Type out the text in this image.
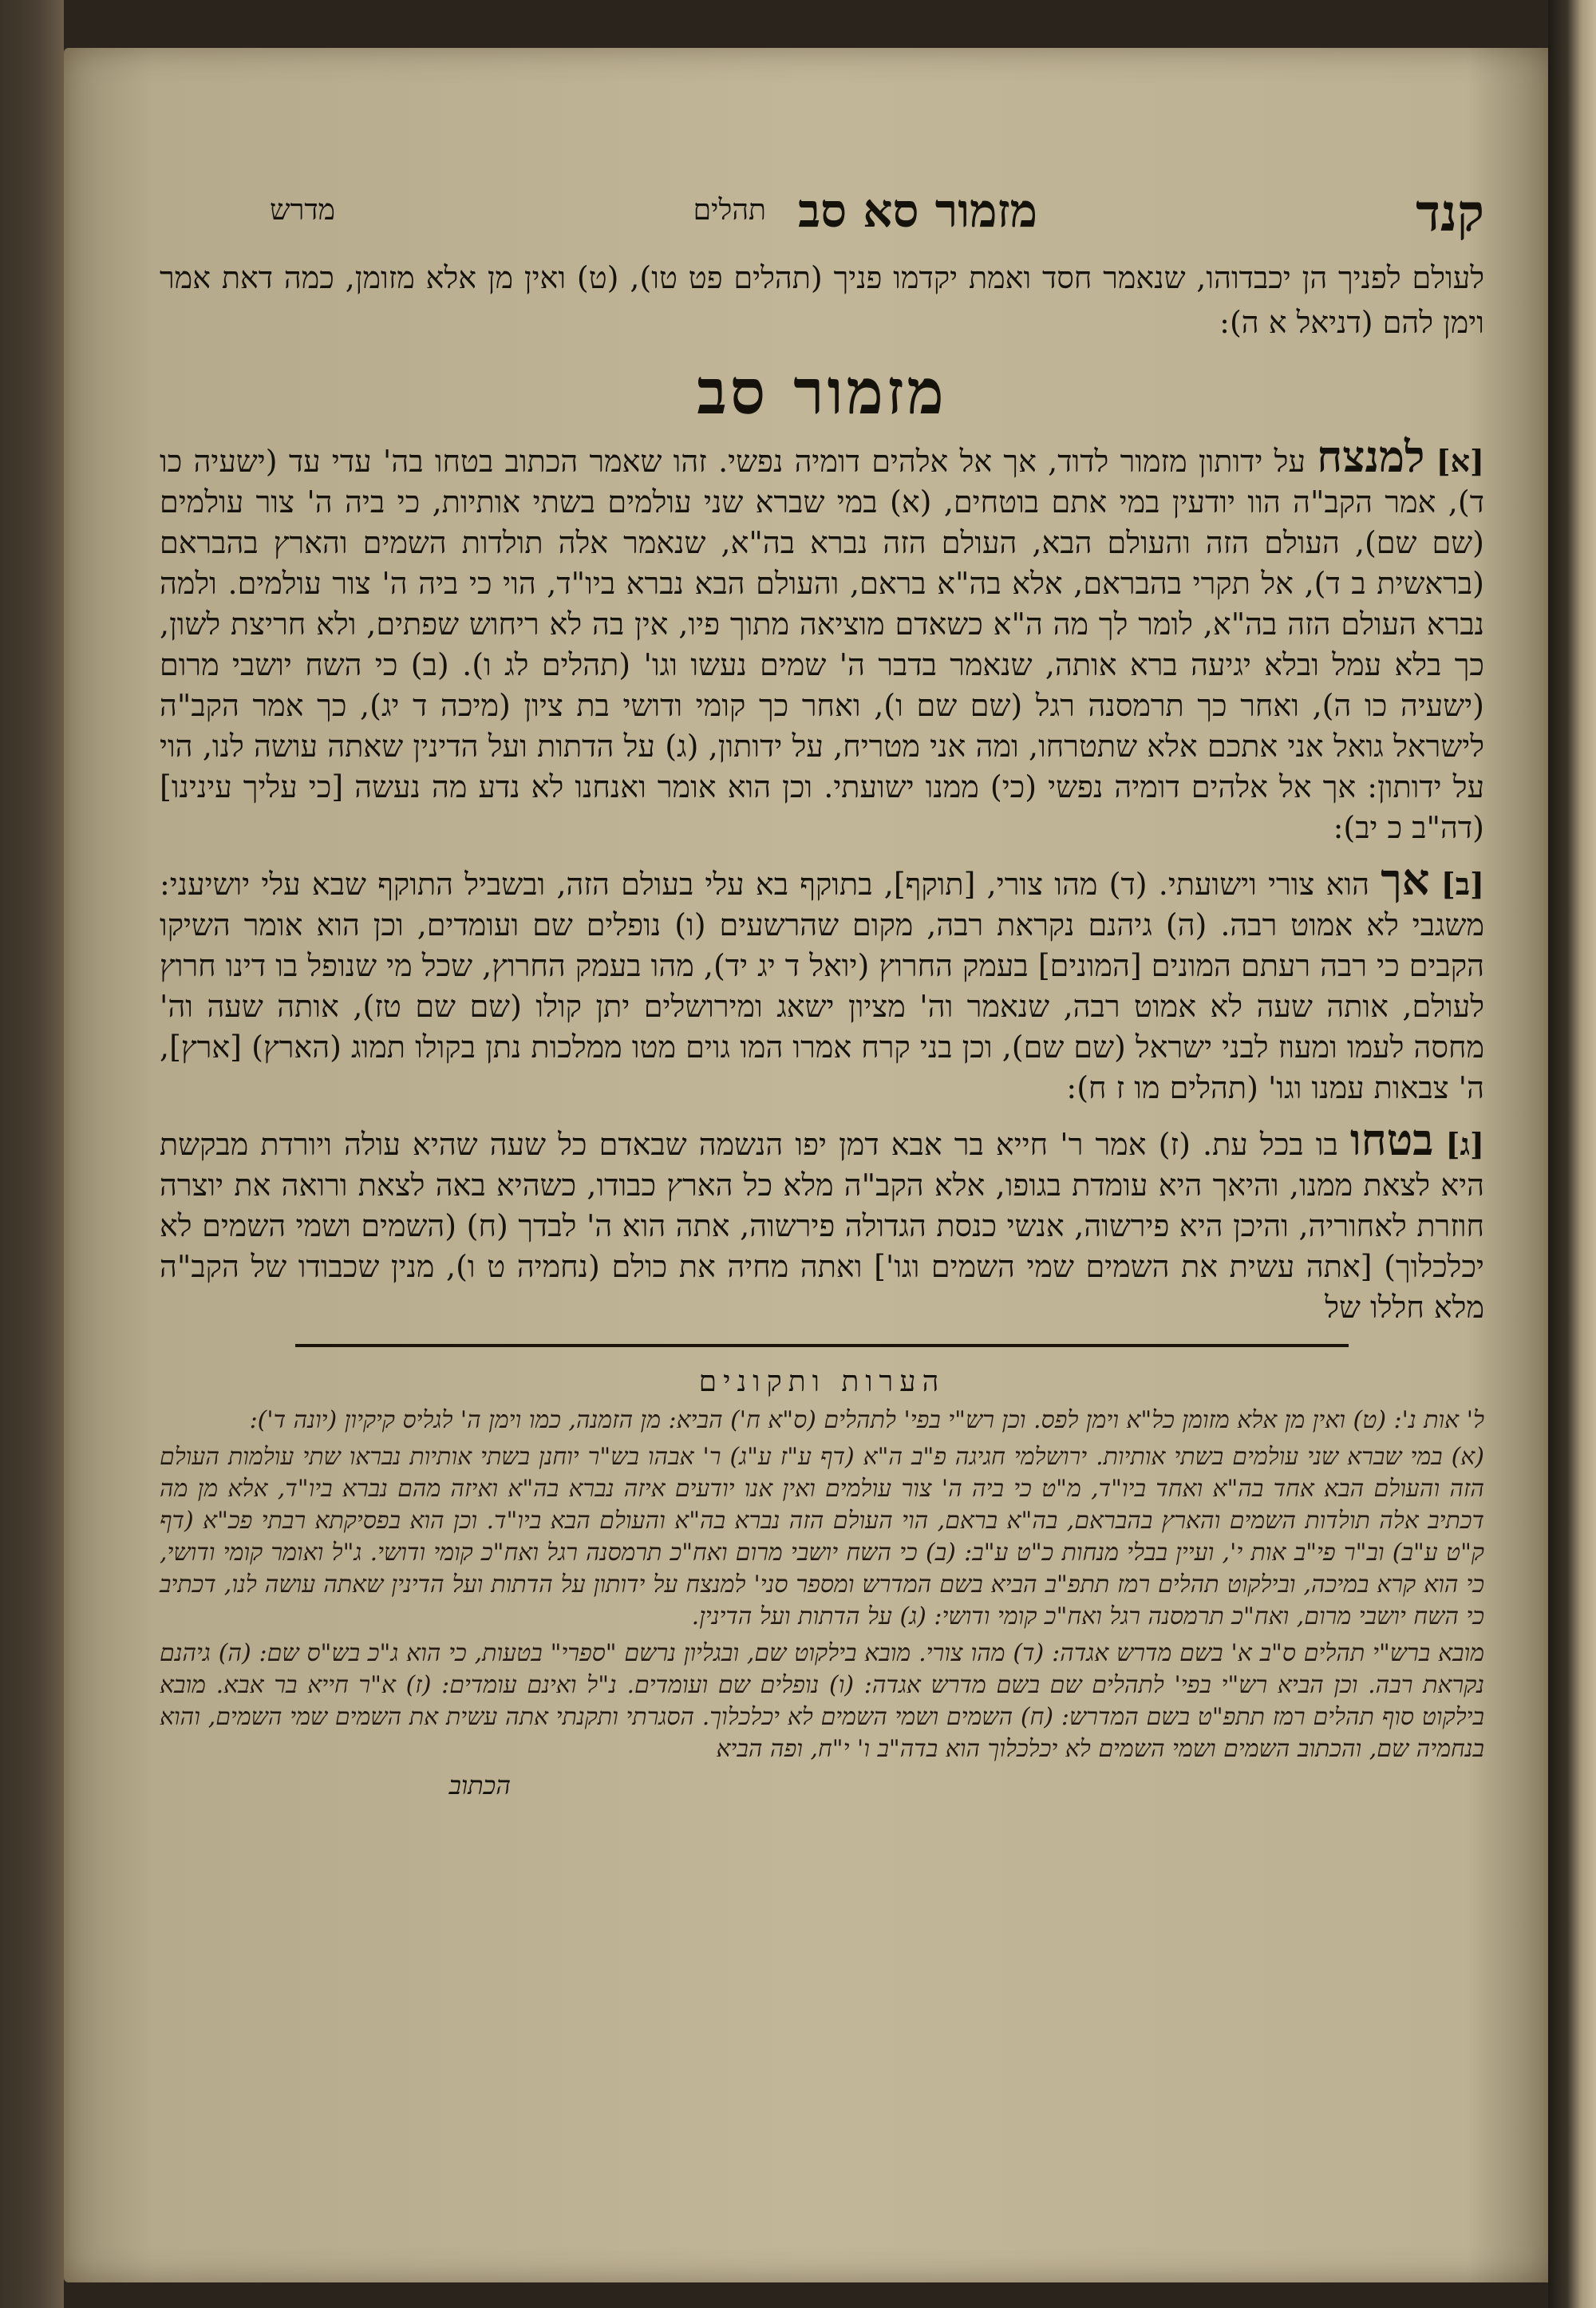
קנד
מזמור סא סב
תהלים
מדרש

לעולם לפניך הן יכבדוהו, שנאמר חסד ואמת יקדמו פניך (תהלים פט טו), (ט) ואין מן אלא מזומן, כמה דאת אמר וימן להם (דניאל א ה):

מזמור סב

[א] למנצח על ידותון מזמור לדוד, אך אל אלהים דומיה נפשי. זהו שאמר הכתוב בטחו בה' עדי עד (ישעיה כו ד), אמר הקב"ה הוו יודעין במי אתם בוטחים, (א) במי שברא שני עולמים בשתי אותיות, כי ביה ה' צור עולמים (שם שם), העולם הזה והעולם הבא, העולם הזה נברא בה"א, שנאמר אלה תולדות השמים והארץ בהבראם (בראשית ב ד), אל תקרי בהבראם, אלא בה"א בראם, והעולם הבא נברא ביו"ד, הוי כי ביה ה' צור עולמים. ולמה נברא העולם הזה בה"א, לומר לך מה ה"א כשאדם מוציאה מתוך פיו, אין בה לא ריחוש שפתים, ולא חריצת לשון, כך בלא עמל ובלא יגיעה ברא אותה, שנאמר בדבר ה' שמים נעשו וגו' (תהלים לג ו). (ב) כי השח יושבי מרום (ישעיה כו ה), ואחר כך תרמסנה רגל (שם שם ו), ואחר כך קומי ודושי בת ציון (מיכה ד יג), כך אמר הקב"ה לישראל גואל אני אתכם אלא שתטרחו, ומה אני מטריח, על ידותון, (ג) על הדתות ועל הדינין שאתה עושה לנו, הוי על ידותון: אך אל אלהים דומיה נפשי (כי) ממנו ישועתי. וכן הוא אומר ואנחנו לא נדע מה נעשה [כי עליך עינינו] (דה"ב כ יב):

[ב] אך הוא צורי וישועתי. (ד) מהו צורי, [תוקף], בתוקף בא עלי בעולם הזה, ובשביל התוקף שבא עלי יושיעני: משגבי לא אמוט רבה. (ה) גיהנם נקראת רבה, מקום שהרשעים (ו) נופלים שם ועומדים, וכן הוא אומר השיקו הקבים כי רבה רעתם המונים [המונים] בעמק החרוץ (יואל ד יג יד), מהו בעמק החרוץ, שכל מי שנופל בו דינו חרוץ לעולם, אותה שעה לא אמוט רבה, שנאמר וה' מציון ישאג ומירושלים יתן קולו (שם שם טז), אותה שעה וה' מחסה לעמו ומעוז לבני ישראל (שם שם), וכן בני קרח אמרו המו גוים מטו ממלכות נתן בקולו תמוג (הארץ) [ארץ], ה' צבאות עמנו וגו' (תהלים מו ז ח):

[ג] בטחו בו בכל עת. (ז) אמר ר' חייא בר אבא דמן יפו הנשמה שבאדם כל שעה שהיא עולה ויורדת מבקשת היא לצאת ממנו, והיאך היא עומדת בגופו, אלא הקב"ה מלא כל הארץ כבודו, כשהיא באה לצאת ורואה את יוצרה חוזרת לאחוריה, והיכן היא פירשוה, אנשי כנסת הגדולה פירשוה, אתה הוא ה' לבדך (ח) (השמים ושמי השמים לא יכלכלוך) [אתה עשית את השמים שמי השמים וגו'] ואתה מחיה את כולם (נחמיה ט ו), מנין שכבודו של הקב"ה מלא חללו של

הערות ותקונים

ל' אות נ': (ט) ואין מן אלא מזומן כל"א וימן לפס. וכן רש"י בפי' לתהלים (ס"א ח') הביא: מן הזמנה, כמו וימן ה' לגליס קיקיון (יונה ד'):

(א) במי שברא שני עולמים בשתי אותיות. ירושלמי חגיגה פ"ב ה"א (דף ע"ז ע"ג) ר' אבהו בש"ר יוחנן בשתי אותיות נבראו שתי עולמות העולם הזה והעולם הבא אחד בה"א ואחד ביו"ד, מ"ט כי ביה ה' צור עולמים ואין אנו יודעים איזה נברא בה"א ואיזה מהם נברא ביו"ד, אלא מן מה דכתיב אלה תולדות השמים והארץ בהבראם, בה"א בראם, הוי העולם הזה נברא בה"א והעולם הבא ביו"ד. וכן הוא בפסיקתא רבתי פכ"א (דף ק"ט ע"ב) וב"ר פי"ב אות י', ועיין בבלי מנחות כ"ט ע"ב: (ב) כי השח יושבי מרום ואח"כ תרמסנה רגל ואח"כ קומי ודושי. ג"ל ואומר קומי ודושי, כי הוא קרא במיכה, ובילקוט תהלים רמז תתפ"ב הביא בשם המדרש ומספר סני' למנצח על ידותון על הדתות ועל הדינין שאתה עושה לנו, דכתיב כי השח יושבי מרום, ואח"כ תרמסנה רגל ואח"כ קומי ודושי: (ג) על הדתות ועל הדינין.

מובא ברש"י תהלים ס"ב א' בשם מדרש אגדה: (ד) מהו צורי. מובא בילקוט שם, ובגליון נרשם "ספרי" בטעות, כי הוא ג"כ בש"ס שם: (ה) גיהנם נקראת רבה. וכן הביא רש"י בפי' לתהלים שם בשם מדרש אגדה: (ו) נופלים שם ועומדים. נ"ל ואינם עומדים: (ז) א"ר חייא בר אבא. מובא בילקוט סוף תהלים רמז תתפ"ט בשם המדרש: (ח) השמים ושמי השמים לא יכלכלוך. הסגרתי ותקנתי אתה עשית את השמים שמי השמים, והוא בנחמיה שם, והכתוב השמים ושמי השמים לא יכלכלוך הוא בדה"ב ו' י"ח, ופה הביא

הכתוב
